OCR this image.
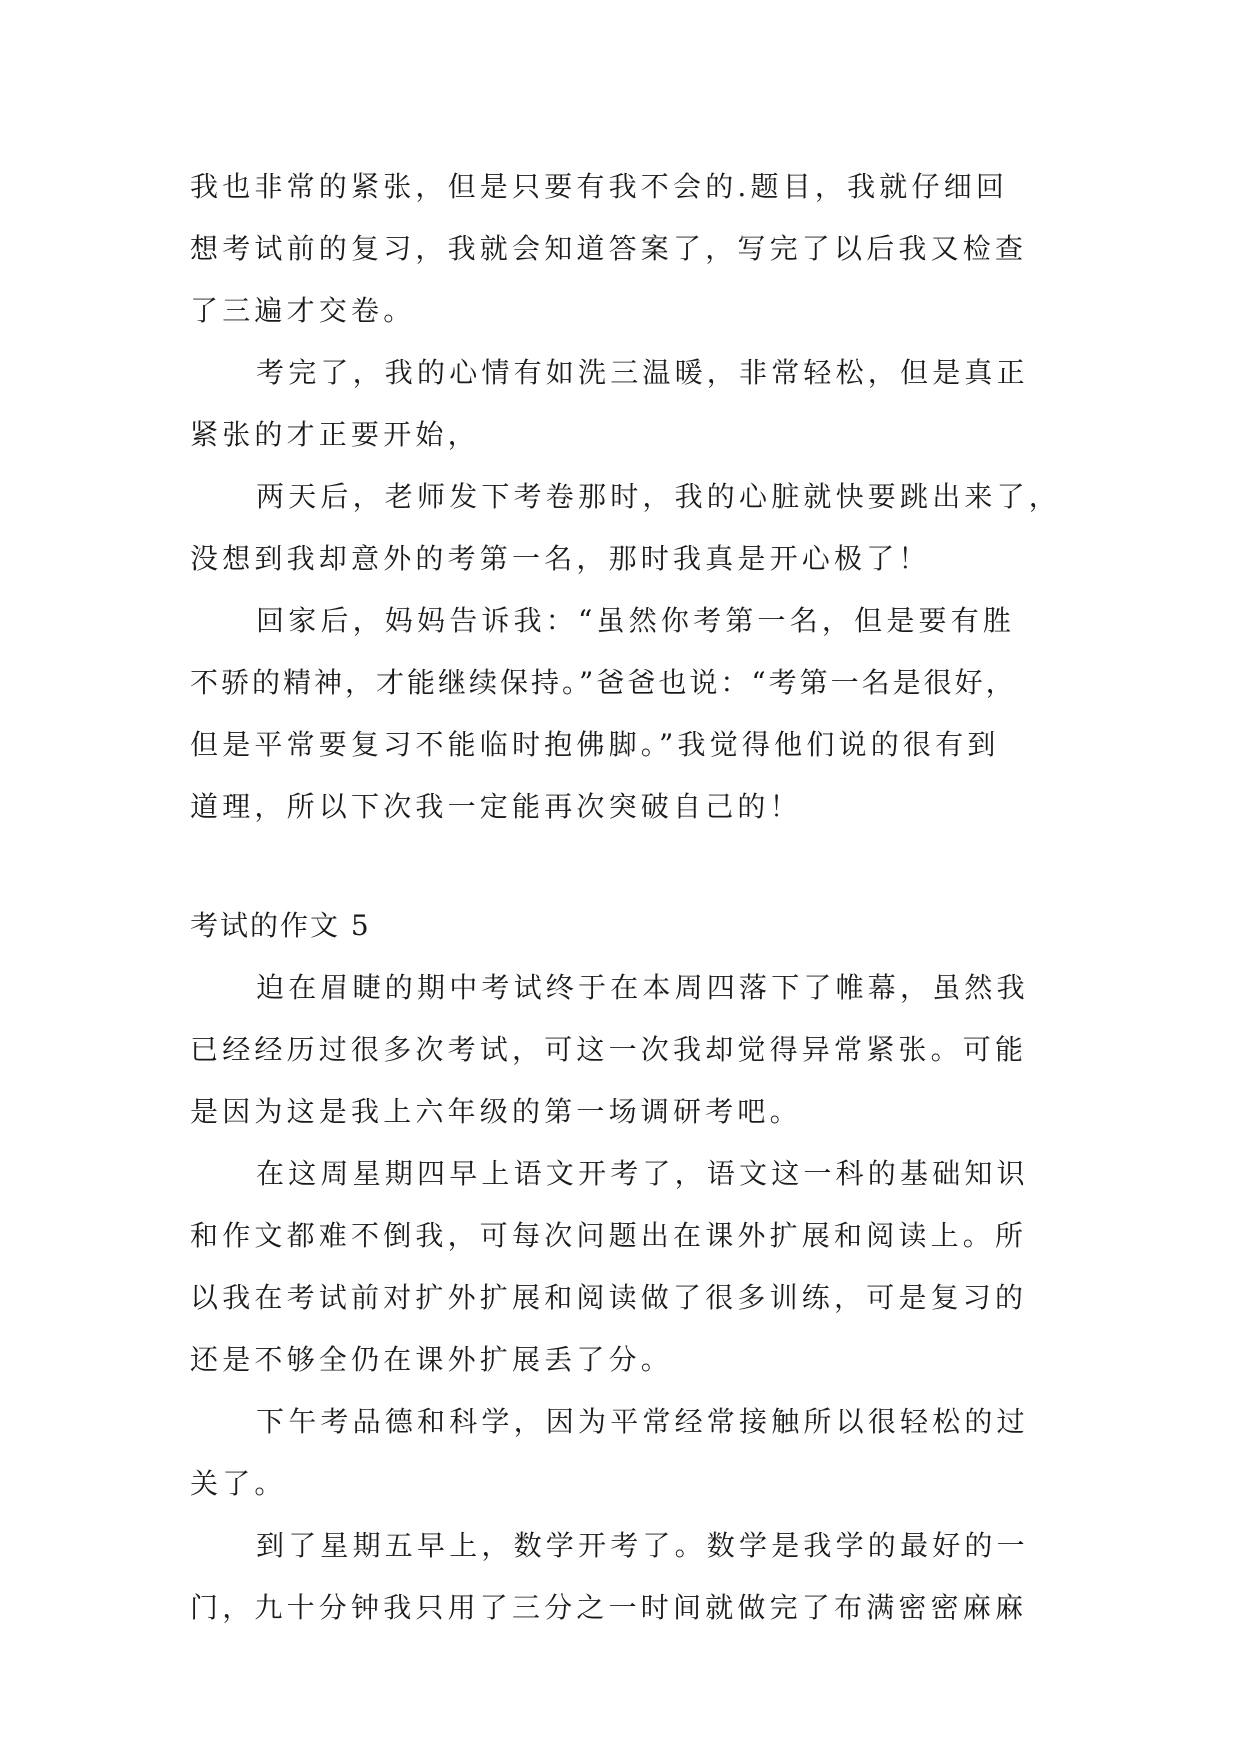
我也非常的紧张，但是只要有我不会的.题目，我就仔细回
想考试前的复习，我就会知道答案了，写完了以后我又检查
了三遍才交卷。
考完了，我的心情有如洗三温暖，非常轻松，但是真正
紧张的才正要开始，
两天后，老师发下考卷那时，我的心脏就快要跳出来了，
没想到我却意外的考第一名，那时我真是开心极了！
回家后，妈妈告诉我：“虽然你考第一名，但是要有胜
不骄的精神，才能继续保持。”爸爸也说：“考第一名是很好，
但是平常要复习不能临时抱佛脚。”我觉得他们说的很有到
道理，所以下次我一定能再次突破自己的！
考试的作文 5
迫在眉睫的期中考试终于在本周四落下了帷幕，虽然我
已经经历过很多次考试，可这一次我却觉得异常紧张。可能
是因为这是我上六年级的第一场调研考吧。
在这周星期四早上语文开考了，语文这一科的基础知识
和作文都难不倒我，可每次问题出在课外扩展和阅读上。所
以我在考试前对扩外扩展和阅读做了很多训练，可是复习的
还是不够全仍在课外扩展丢了分。
下午考品德和科学，因为平常经常接触所以很轻松的过
关了。
到了星期五早上，数学开考了。数学是我学的最好的一
门，九十分钟我只用了三分之一时间就做完了布满密密麻麻
